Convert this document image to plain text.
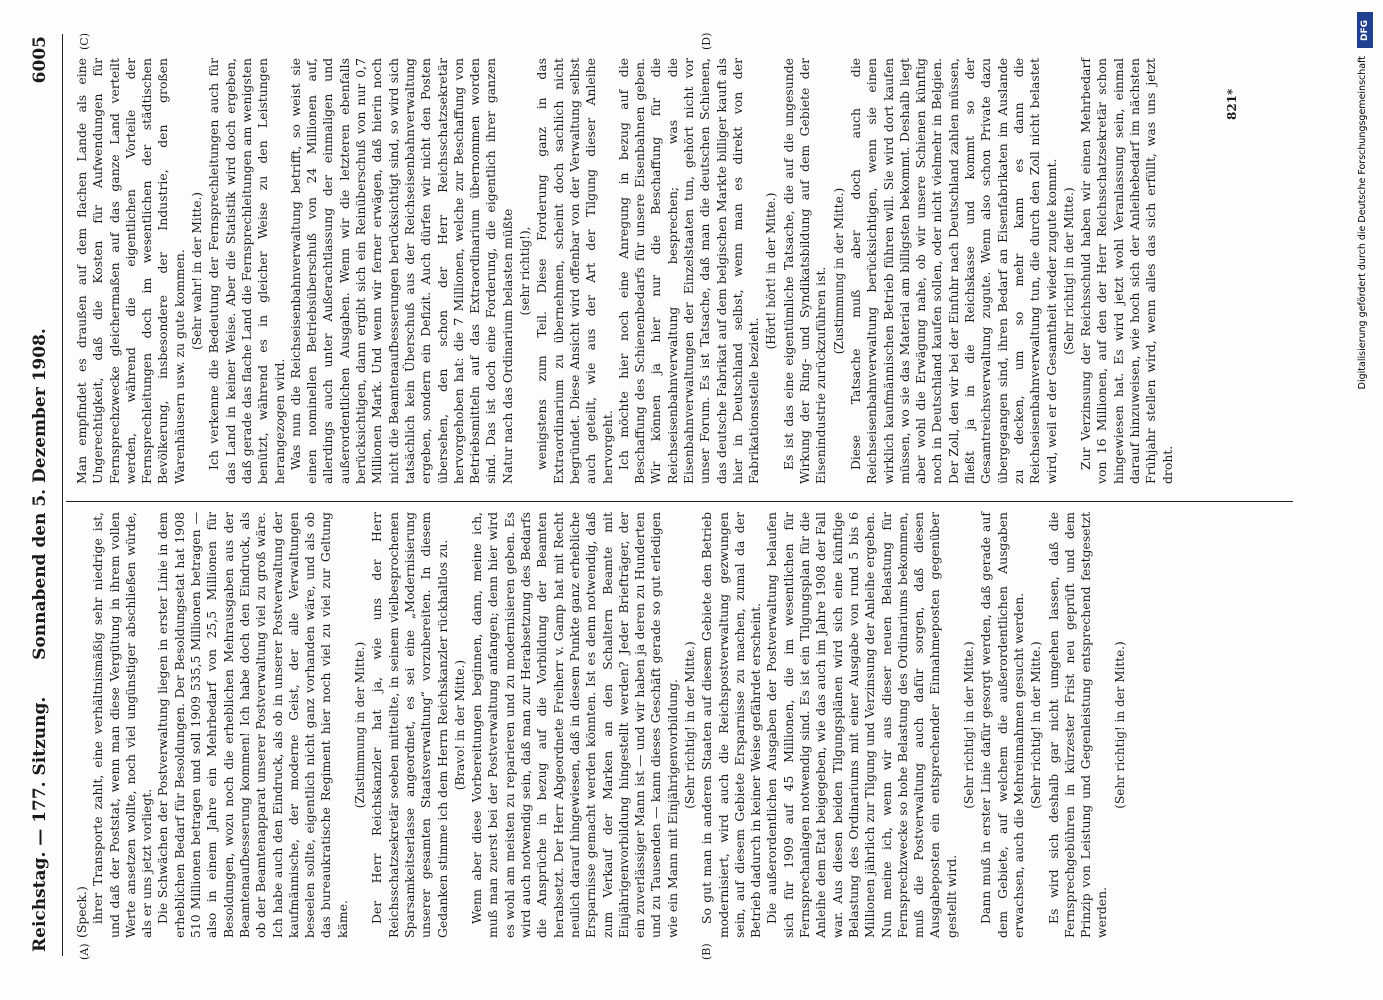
Reichstag. — 177. Sitzung.
Sonnabend den 5. Dezember 1908.
6005
(A)	(B)
(C)	(D)

(Speck.) ihrer Transporte zahlt, eine verhältnismäßig sehr niedrige ist, und daß der Poststat, wenn man diese Vergütung in ihrem vollen Werte ansetzen wollte, noch viel ungünstiger abschließen würde, als er uns jetzt vorliegt. Die Schwächen der Postverwaltung liegen in erster Linie in dem erheblichen Bedarf für Besoldungen. Der Besoldungsetat hat 1908 510 Millionen betragen und soll 1909 535,5 Millionen betragen — also in einem Jahre ein Mehrbedarf von 25,5 Millionen für Besoldungen, wozu noch die erheblichen Mehrausgaben aus der Beamtenaufbesserung kommen! Ich habe doch den Eindruck, als ob der Beamtenapparat unserer Postverwaltung viel zu groß wäre. Ich habe auch den Eindruck, als ob in unserer Postverwaltung der kaufmännische, der moderne Geist, der alle Verwaltungen beseelen sollte, eigentlich nicht ganz vorhanden wäre, und als ob das bureaukratische Regiment hier noch viel zu viel zur Geltung käme.

(Zustimmung in der Mitte.) Der Herr Reichskanzler hat ja, wie uns der Herr Reichsschatzsekretär soeben mitteilte, in seinem vielbesprochenen Sparsamkeitserlasse angeordnet, es sei eine „Modernisierung unserer gesamten Staatsverwaltung“ vorzubereiten. In diesem Gedanken stimme ich dem Herrn Reichskanzler rückhaltlos zu. (Bravo! in der Mitte.) Wenn aber diese Vorbereitungen beginnen, dann, meine ich, muß man zuerst bei der Postverwaltung anfangen; denn hier wird es wohl am meisten zu reparieren und zu modernisieren geben. Es wird auch notwendig sein, daß man zur Herabsetzung des Bedarfs die Ansprüche in bezug auf die Vorbildung der Beamten herabsetzt. Der Herr Abgeordnete Freiherr v. Gamp hat mit Recht neulich darauf hingewiesen, daß in diesem Punkte ganz erhebliche Ersparnisse gemacht werden könnten. Ist es denn notwendig, daß zum Verkauf der Marken an den Schaltern Beamte mit Einjährigenvorbildung hingestellt werden? Jeder Briefträger, der ein zuverlässiger Mann ist — und wir haben ja deren zu Hunderten und zu Tausenden — kann dieses Geschäft gerade so gut erledigen wie ein Mann mit Einjährigenvorbildung. (Sehr richtig! in der Mitte.) So gut man in anderen Staaten auf diesem Gebiete den Betrieb modernisiert, wird auch die Reichspostverwaltung gezwungen sein, auf diesem Gebiete Ersparnisse zu machen, zumal da der Betrieb dadurch in keiner Weise gefährdet erscheint. Die außerordentlichen Ausgaben der Postverwaltung belaufen sich für 1909 auf 45 Millionen, die im wesentlichen für Fernsprechanlagen notwendig sind. Es ist ein Tilgungsplan für die Anleihe dem Etat beigegeben, wie das auch im Jahre 1908 der Fall war. Aus diesen beiden Tilgungsplänen wird sich eine künftige Belastung des Ordinariums mit einer Ausgabe von rund 5 bis 6 Millionen jährlich zur Tilgung und Verzinsung der Anleihe ergeben. Nun meine ich, wenn wir aus dieser neuen Belastung für Fernsprechzwecke so hohe Belastung des Ordinariums bekommen, muß die Postverwaltung auch dafür sorgen, daß diesen Ausgabeposten ein entsprechender Einnahmeposten gegenüber gestellt wird.

(Sehr richtig! in der Mitte.) Dann muß in erster Linie dafür gesorgt werden, daß gerade auf dem Gebiete, auf welchem die außerordentlichen Ausgaben erwachsen, auch die Mehreinnahmen gesucht werden. (Sehr richtig! in der Mitte.) Es wird sich deshalb gar nicht umgehen lassen, daß die Fernsprechgebühren in kürzester Frist neu geprüft und dem Prinzip von Leistung und Gegenleistung entsprechend festgesetzt werden.

(Sehr richtig! in der Mitte.)

Man empfindet es draußen auf dem flachen Lande als eine Ungerechtigkeit, daß die Kosten für Aufwendungen für Fernsprechzwecke gleichermaßen auf das ganze Land verteilt werden, während die eigentlichen Vorteile der Fernsprechleitungen doch im wesentlichen der städtischen Bevölkerung, insbesondere der Industrie, den großen Warenhäusern usw. zu gute kommen. (Sehr wahr! in der Mitte.) Ich verkenne die Bedeutung der Fernsprechleitungen auch für das Land in keiner Weise. Aber die Statistik wird doch ergeben, daß gerade das flache Land die Fernsprechleitungen am wenigsten benützt, während es in gleicher Weise zu den Leistungen herangezogen wird. Was nun die Reichseisenbahnverwaltung betrifft, so weist sie einen nominellen Betriebsüberschuß von 24 Millionen auf, allerdings auch unter Außerachtlassung der einmaligen und außerordentlichen Ausgaben. Wenn wir die letzteren ebenfalls berücksichtigen, dann ergibt sich ein Reinüberschuß von nur 0,7 Millionen Mark. Und wenn wir ferner erwägen, daß hierin noch nicht die Beamtenaufbesserungen berücksichtigt sind, so wird sich tatsächlich kein Überschuß aus der Reichseisenbahnverwaltung ergeben, sondern ein Defizit. Auch dürfen wir nicht den Posten übersehen, den schon der Herr Reichsschatzsekretär hervorgehoben hat: die 7 Millionen, welche zur Beschaffung von Betriebsmitteln auf das Extraordinarium übernommen worden sind. Das ist doch eine Forderung, die eigentlich ihrer ganzen Natur nach das Ordinarium belasten müßte (sehr richtig!), wenigstens zum Teil. Diese Forderung ganz in das Extraordinarium zu übernehmen, scheint doch sachlich nicht begründet. Diese Ansicht wird offenbar von der Verwaltung selbst auch geteilt, wie aus der Art der Tilgung dieser Anleihe hervorgeht. Ich möchte hier noch eine Anregung in bezug auf die Beschaffung des Schienenbedarfs für unsere Eisenbahnen geben. Wir können ja hier nur die Beschaffung für die Reichseisenbahnverwaltung besprechen; was die Eisenbahnverwaltungen der Einzelstaaten tun, gehört nicht vor unser Forum. Es ist Tatsache, daß man die deutschen Schienen, das deutsche Fabrikat auf dem belgischen Markte billiger kauft als hier in Deutschland selbst, wenn man es direkt von der Fabrikationsstelle bezieht.

(Hört! hört! in der Mitte.) Es ist das eine eigentümliche Tatsache, die auf die ungesunde Wirkung der Ring- und Syndikatsbildung auf dem Gebiete der Eisenindustrie zurückzuführen ist. (Zustimmung in der Mitte.) Diese Tatsache muß aber doch auch die Reichseisenbahnverwaltung berücksichtigen, wenn sie einen wirklich kaufmännischen Betrieb führen will. Sie wird dort kaufen müssen, wo sie das Material am billigsten bekommt. Deshalb liegt aber wohl die Erwägung nahe, ob wir unsere Schienen künftig noch in Deutschland kaufen sollen, oder nicht vielmehr in Belgien. Der Zoll, den wir bei der Einfuhr nach Deutschland zahlen müssen, fließt ja in die Reichskasse und kommt so der Gesamtreichsverwaltung zugute. Wenn also schon Private dazu übergegangen sind, ihren Bedarf an Eisenfabrikaten im Auslande zu decken, um so mehr kann es dann die Reichseisenbahnverwaltung tun, die durch den Zoll nicht belastet wird, weil er der Gesamtheit wieder zugute kommt. (Sehr richtig! in der Mitte.) Zur Verzinsung der Reichsschuld haben wir einen Mehrbedarf von 16 Millionen, auf den der Herr Reichsschatzsekretär schon hingewiesen hat. Es wird jetzt wohl Veranlassung sein, einmal darauf hinzuweisen, wie hoch sich der Anleihebedarf im nächsten Frühjahr stellen wird, wenn alles das sich erfüllt, was uns jetzt droht.

821*
DFG
Digitalisierung gefördert durch die Deutsche Forschungsgemeinschaft
